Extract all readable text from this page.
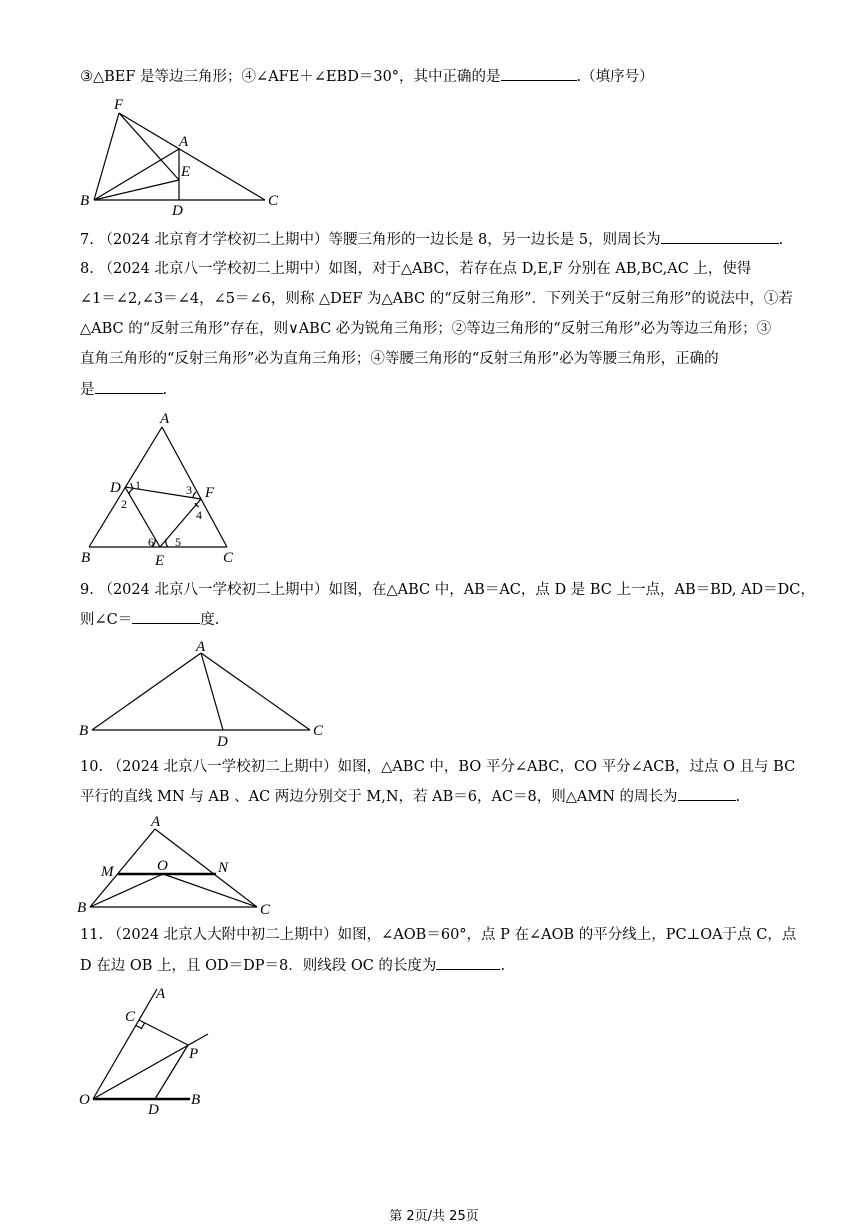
③△BEF 是等边三角形；④∠AFE＋∠EBD＝30°，其中正确的是	.（填序号）
F
A
E
B	C
D
7. （2024 北京育才学校初二上期中）等腰三角形的一边长是 8，另一边长是 5，则周长为	.
8. （2024 北京八一学校初二上期中）如图，对于△ABC，若存在点 D,E,F 分别在 AB,BC,AC 上，使得
∠1＝∠2,∠3＝∠4，∠5＝∠6，则称 △DEF 为△ABC 的“反射三角形”．下列关于“反射三角形”的说法中，①若
△ABC 的“反射三角形”存在，则∨ABC 必为锐角三角形；②等边三角形的“反射三角形”必为等边三角形；③
直角三角形的“反射三角形”必为直角三角形；④等腰三角形的“反射三角形”必为等腰三角形，正确的
是	.
A
D	F
B	E	C
1
2
3
4
5
6
9. （2024 北京八一学校初二上期中）如图，在△ABC 中，AB＝AC，点 D 是 BC 上一点，AB＝BD, AD＝DC，
则∠C＝	度.
A
B	C
D
10. （2024 北京八一学校初二上期中）如图，△ABC 中，BO 平分∠ABC，CO 平分∠ACB，过点 O 且与 BC
平行的直线 MN 与 AB 、AC 两边分别交于 M,N，若 AB＝6，AC＝8，则△AMN 的周长为	.
A
M	O	N
B	C
11. （2024 北京人大附中初二上期中）如图，∠AOB＝60°，点 P 在∠AOB 的平分线上，PC⊥OA于点 C，点
D 在边 OB 上，且 OD＝DP＝8．则线段 OC 的长度为	.
A
C
P
O
D
B
第 2页/共 25页
